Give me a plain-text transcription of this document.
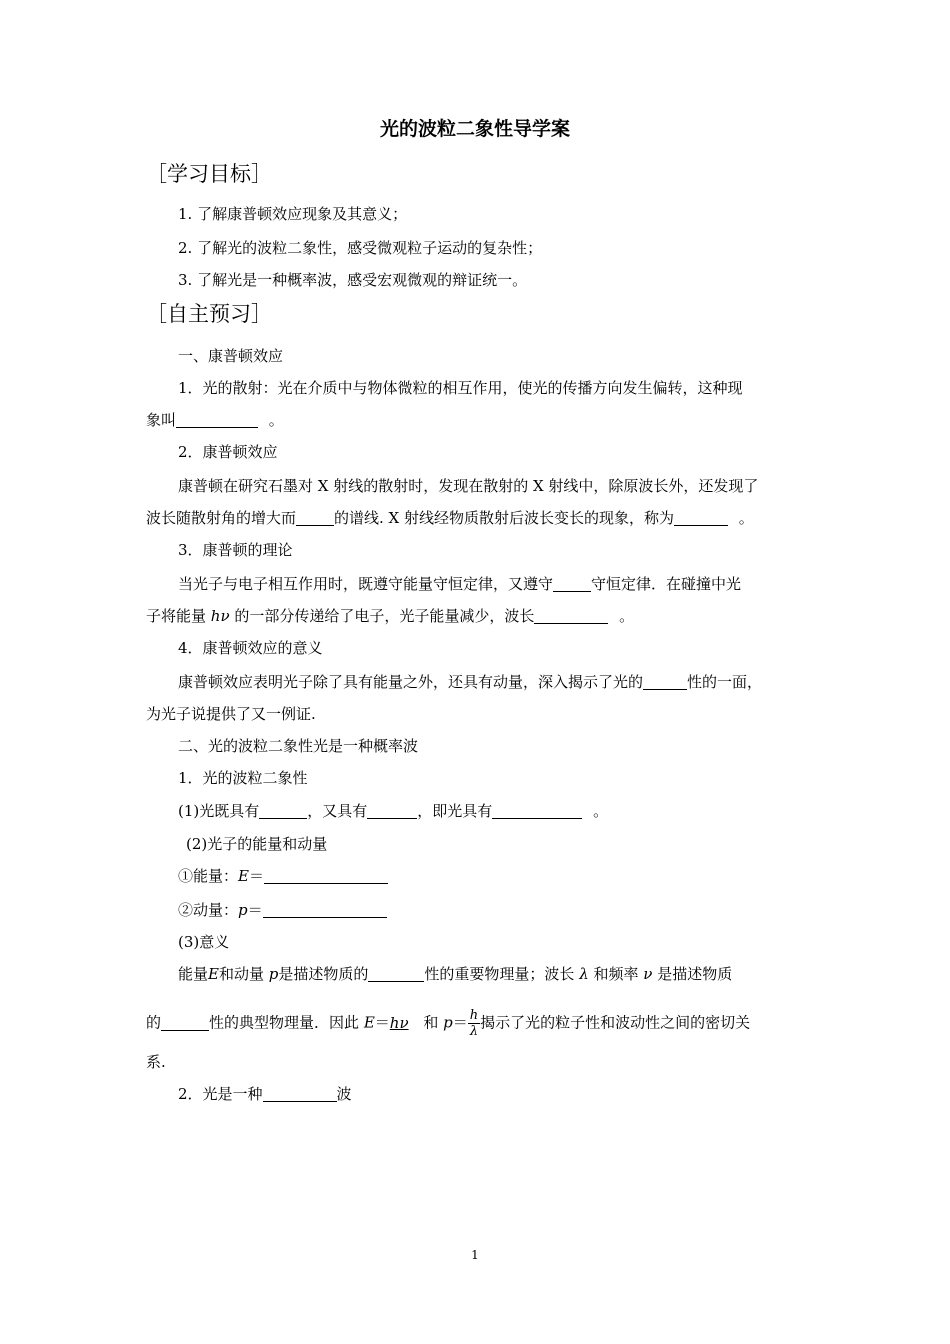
光的波粒二象性导学案
［学习目标］
1. 了解康普顿效应现象及其意义；
2. 了解光的波粒二象性，感受微观粒子运动的复杂性；
3. 了解光是一种概率波，感受宏观微观的辩证统一。
［自主预习］
一、康普顿效应
1．光的散射：光在介质中与物体微粒的相互作用，使光的传播方向发生偏转，这种现
象叫	。
2．康普顿效应
康普顿在研究石墨对 X 射线的散射时，发现在散射的 X 射线中，除原波长外，还发现了
波长随散射角的增大而	的谱线. X 射线经物质散射后波长变长的现象，称为	。
3．康普顿的理论
当光子与电子相互作用时，既遵守能量守恒定律，又遵守	守恒定律．在碰撞中光
子将能量 hν 的一部分传递给了电子，光子能量减少，波长	。
4．康普顿效应的意义
康普顿效应表明光子除了具有能量之外，还具有动量，深入揭示了光的	性的一面，
为光子说提供了又一例证.
二、光的波粒二象性光是一种概率波
1．光的波粒二象性
(1)光既具有	，又具有	，即光具有	。
(2)光子的能量和动量
①能量：E＝
②动量：p＝
(3)意义
能量E和动量 p是描述物质的	性的重要物理量；波长 λ 和频率 ν 是描述物质
的	性的典型物理量．因此 E＝hν 和 $p= \frac{h}{\lambda}$ 揭示了光的粒子性和波动性之间的密切关
系.
2．光是一种	波
1
